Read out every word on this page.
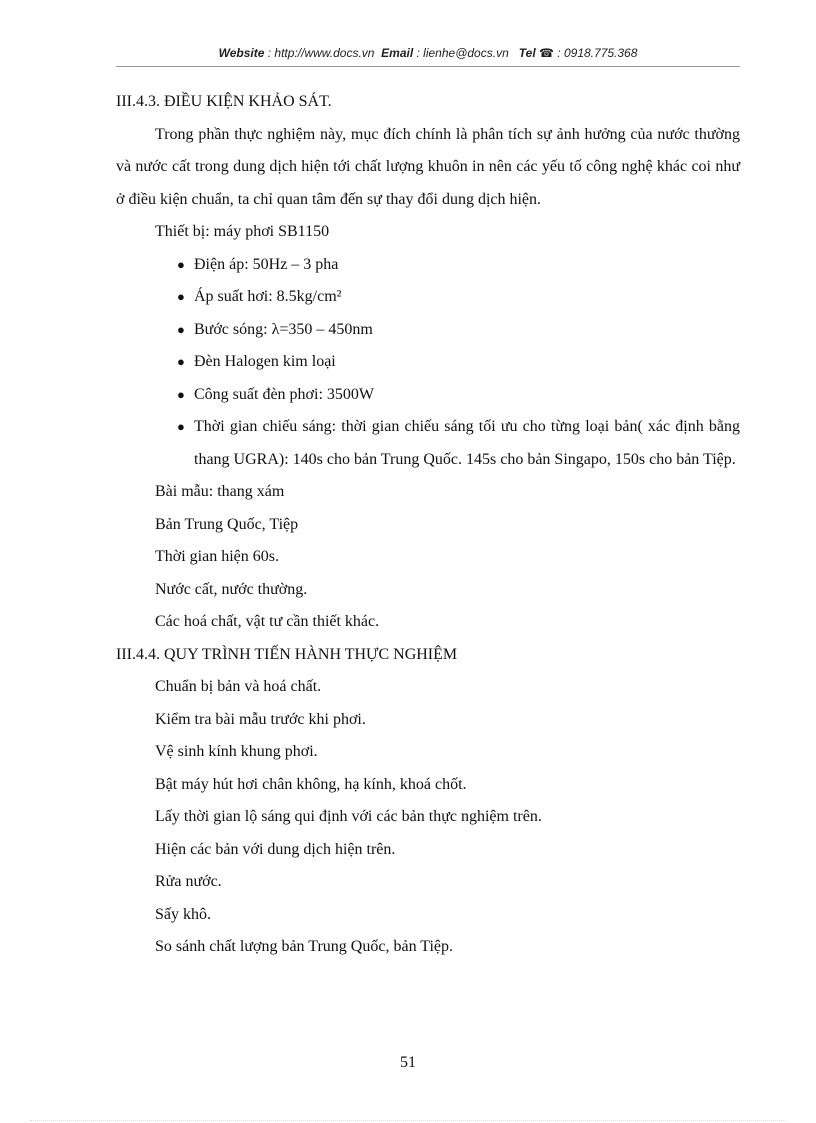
Website : http://www.docs.vn Email : lienhe@docs.vn Tel ☎ : 0918.775.368

III.4.3. ĐIỀU KIỆN KHẢO SÁT.

Trong phần thực nghiệm này, mục đích chính là phân tích sự ảnh hưởng của nước thường và nước cất trong dung dịch hiện tới chất lượng khuôn in nên các yếu tố công nghệ khác coi như ở điều kiện chuẩn, ta chỉ quan tâm đến sự thay đổi dung dịch hiện.

Thiết bị: máy phơi SB1150

● Điện áp: 50Hz – 3 pha
● Áp suất hơi: 8.5kg/cm²
● Bước sóng: λ=350 – 450nm
● Đèn Halogen kim loại
● Công suất đèn phơi: 3500W
● Thời gian chiếu sáng: thời gian chiếu sáng tối ưu cho từng loại bản( xác định bằng thang UGRA): 140s cho bản Trung Quốc. 145s cho bản Singapo, 150s cho bản Tiệp.

Bài mẫu: thang xám

Bản Trung Quốc, Tiệp

Thời gian hiện 60s.

Nước cất, nước thường.

Các hoá chất, vật tư cần thiết khác.

III.4.4. QUY TRÌNH TIẾN HÀNH THỰC NGHIỆM

Chuẩn bị bản và hoá chất.

Kiểm tra bài mẫu trước khi phơi.

Vệ sinh kính khung phơi.

Bật máy hút hơi chân không, hạ kính, khoá chốt.

Lấy thời gian lộ sáng qui định với các bản thực nghiệm trên.

Hiện các bản với dung dịch hiện trên.

Rửa nước.

Sấy khô.

So sánh chất lượng bản Trung Quốc, bản Tiệp.

51
